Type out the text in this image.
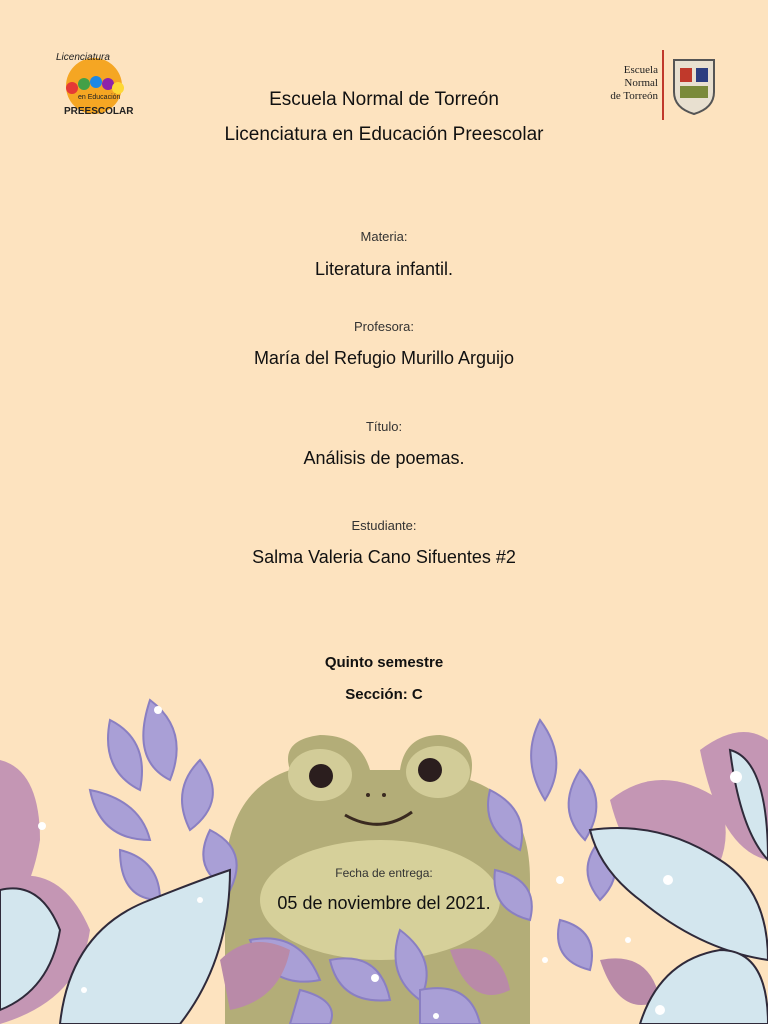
Licenciatura
en Educación
PREESCOLAR
Escuela
Normal
de Torreón
Escuela Normal de Torreón
Licenciatura en Educación Preescolar
Materia:
Literatura infantil.
Profesora:
María del Refugio Murillo Arguijo
Título:
Análisis de poemas.
Estudiante:
Salma Valeria Cano Sifuentes #2
Quinto semestre
Sección: C
Fecha de entrega:
05 de noviembre del 2021.
